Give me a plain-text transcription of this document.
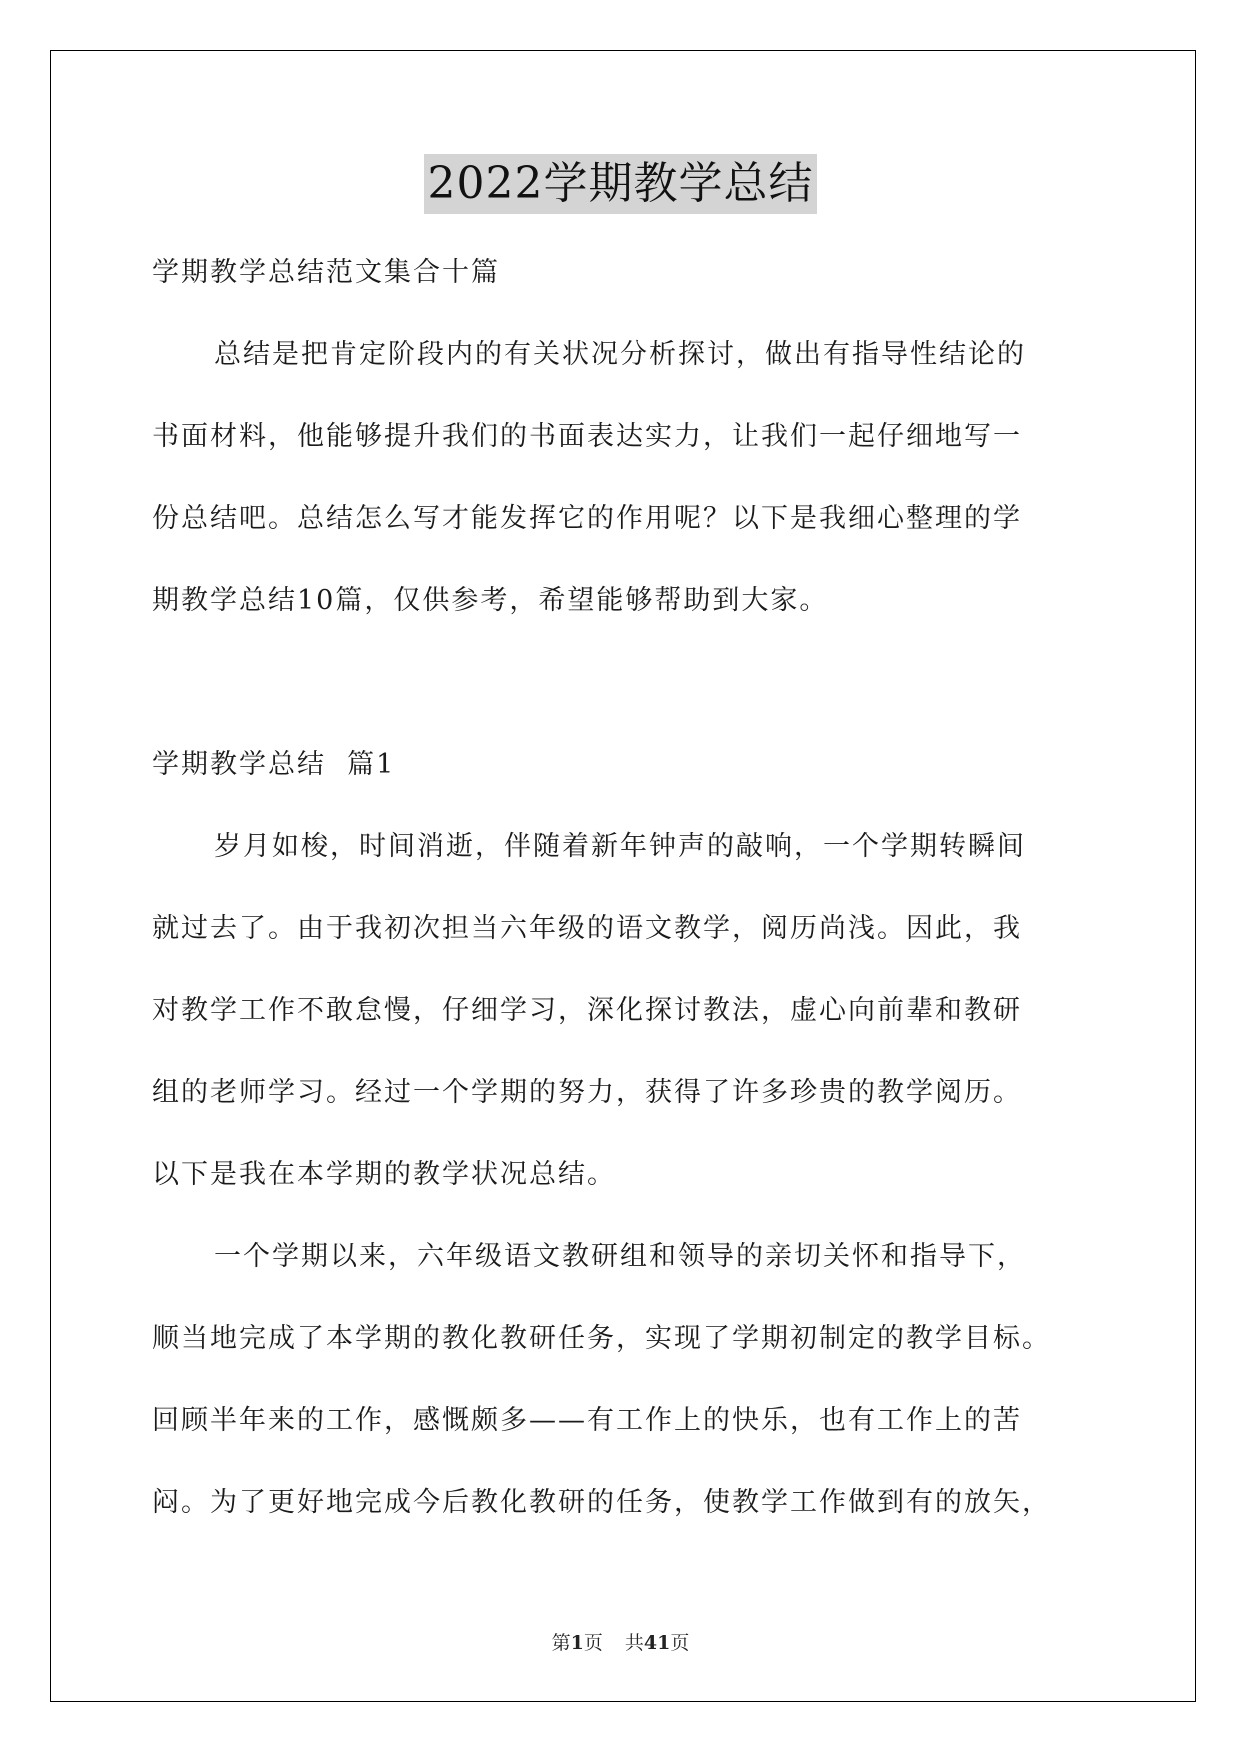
2022学期教学总结
学期教学总结范文集合十篇
总结是把肯定阶段内的有关状况分析探讨，做出有指导性结论的
书面材料，他能够提升我们的书面表达实力，让我们一起仔细地写一
份总结吧。总结怎么写才能发挥它的作用呢？以下是我细心整理的学
期教学总结10篇，仅供参考，希望能够帮助到大家。
学期教学总结  篇1
岁月如梭，时间消逝，伴随着新年钟声的敲响，一个学期转瞬间
就过去了。由于我初次担当六年级的语文教学，阅历尚浅。因此，我
对教学工作不敢怠慢，仔细学习，深化探讨教法，虚心向前辈和教研
组的老师学习。经过一个学期的努力，获得了许多珍贵的教学阅历。
以下是我在本学期的教学状况总结。
一个学期以来，六年级语文教研组和领导的亲切关怀和指导下，
顺当地完成了本学期的教化教研任务，实现了学期初制定的教学目标。
回顾半年来的工作，感慨颇多——有工作上的快乐，也有工作上的苦
闷。为了更好地完成今后教化教研的任务，使教学工作做到有的放矢，
第1页 共41页
